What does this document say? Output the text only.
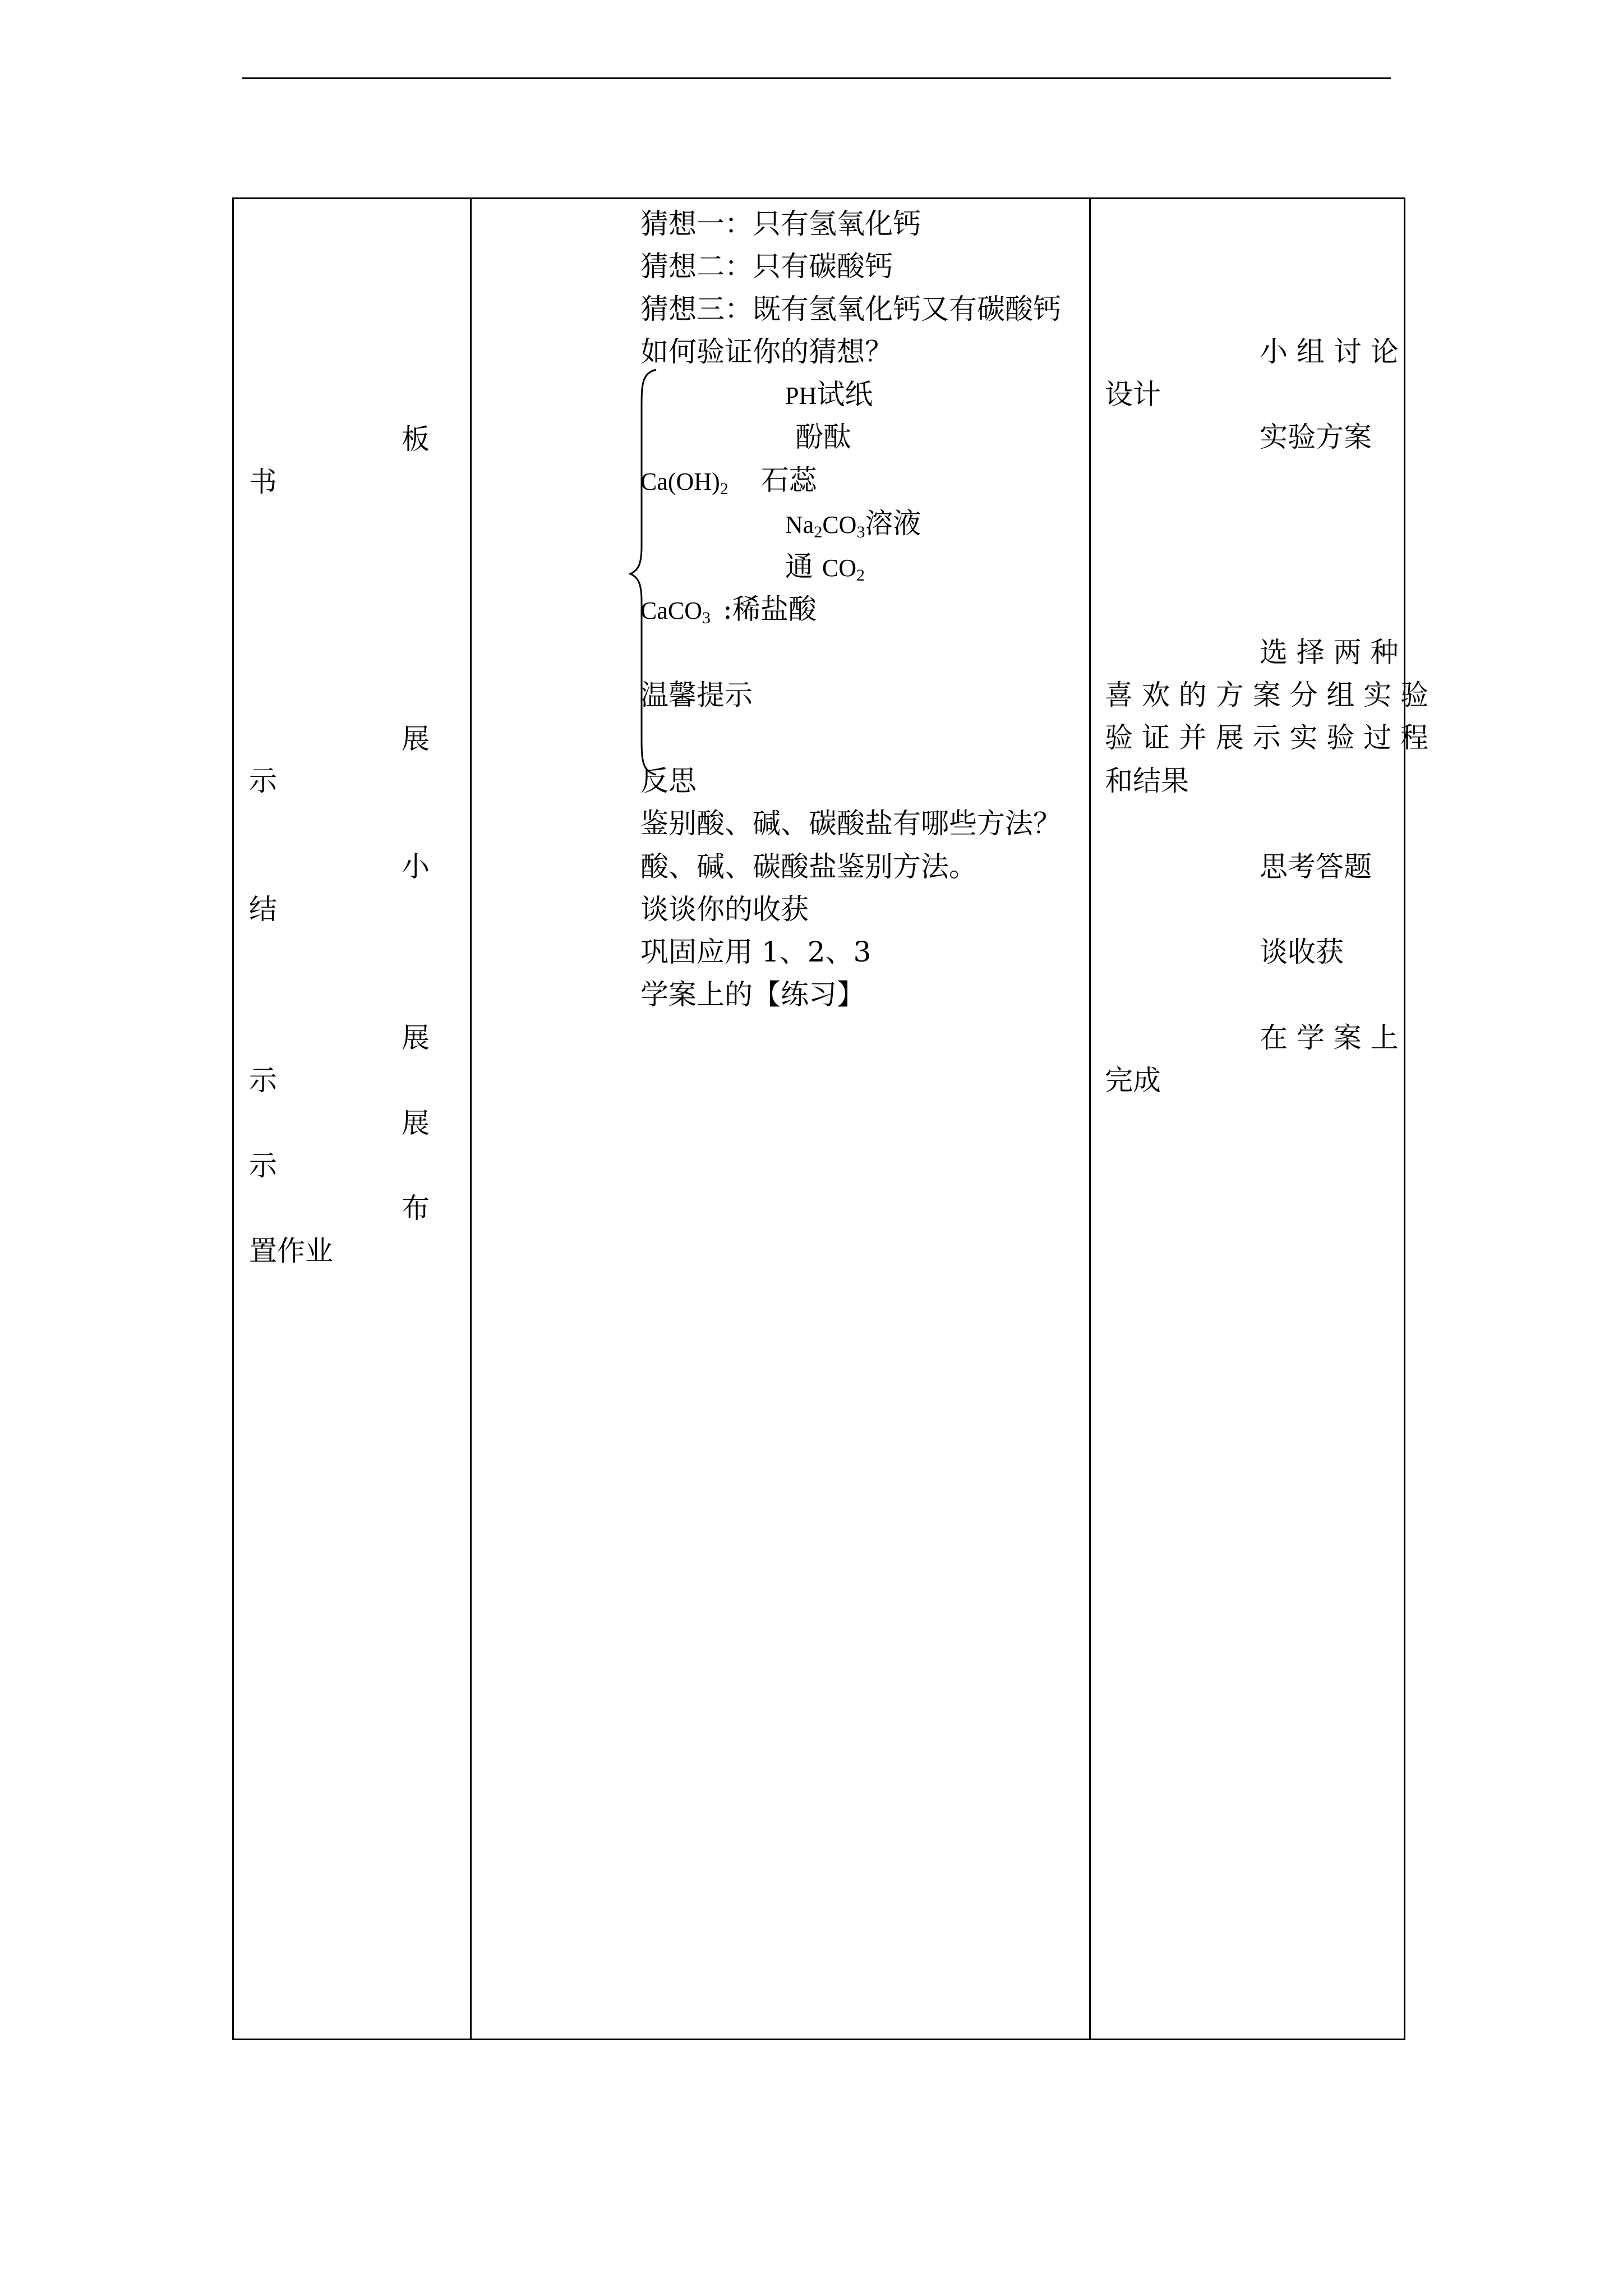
板
书
展
示
小
结
展
示
展
示
布
置作业
猜想一：只有氢氧化钙
猜想二：只有碳酸钙
猜想三：既有氢氧化钙又有碳酸钙
如何验证你的猜想？
PH试纸
酚酞
$Ca(OH)_2$ 石蕊
$Na_2CO_3$溶液
通 $CO_2$
CaCO$_3$ :稀盐酸
温馨提示
反思
鉴别酸、碱、碳酸盐有哪些方法？
酸、碱、碳酸盐鉴别方法。
谈谈你的收获
巩固应用 1、2、3
学案上的【练习】
小 组 讨 论
设计
实验方案
选 择 两 种
喜 欢 的 方 案 分 组 实 验
验 证 并 展 示 实 验 过 程
和结果
思考答题
谈收获
在 学 案 上
完成
